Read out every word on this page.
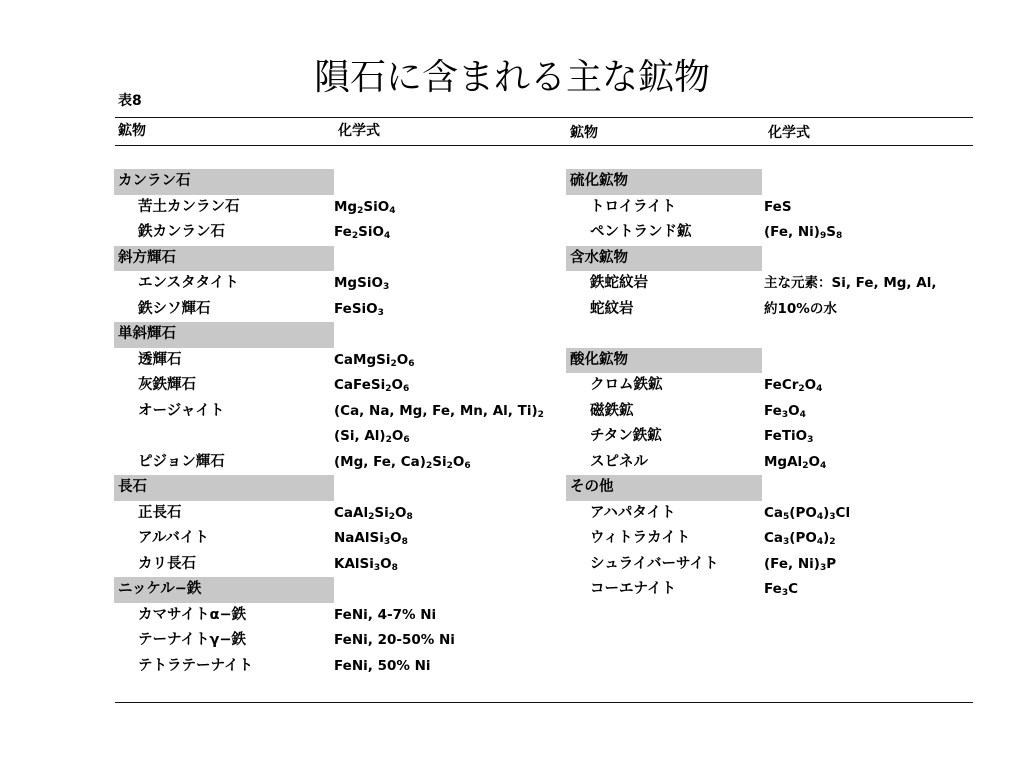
隕石に含まれる主な鉱物
表8
鉱物	化学式	鉱物	化学式
カンラン石
苦土カンラン石	$Mg_2SiO_4$
鉄カンラン石	$Fe_2SiO_4$
斜方輝石
エンスタタイト	MgSiO$_3$
鉄シソ輝石	FeSiO$_3$
単斜輝石
透輝石	$CaMgSi_2O_6$
灰鉄輝石	$CaFeSi_2O_6$
オージャイト	(Ca, Na, Mg, Fe, Mn, Al, $Ti)_2$
(Si, $Al)_2O_6$
ピジョン輝石	(Mg, Fe, $Ca)_2Si_2O_6$
長石
正長石	$CaAl_2Si_2O_8$
アルバイト	$NaAlSi_3O_8$
カリ長石	$KAlSi_3O_8$
ニッケル−鉄
カマサイトα−鉄	FeNi, 4-7% Ni
テーナイトγ−鉄	FeNi, 20-50% Ni
テトラテーナイト	FeNi, 50% Ni
硫化鉱物
トロイライト	FeS
ペントランド鉱	(Fe, $Ni)_9S_8$
含水鉱物
鉄蛇紋岩	主な元素：Si, Fe, Mg, Al,
蛇紋岩	約10%の水
酸化鉱物
クロム鉄鉱	$FeCr_2O_4$
磁鉄鉱	$Fe_3O_4$
チタン鉄鉱	FeTiO$_3$
スピネル	$MgAl_2O_4$
その他
アハパタイト	$Ca_5(PO_4)_3Cl$
ウィトラカイト	$Ca_3(PO_4)_2$
シュライバーサイト	(Fe, $Ni)_3P$
コーエナイト	$Fe_3C$
